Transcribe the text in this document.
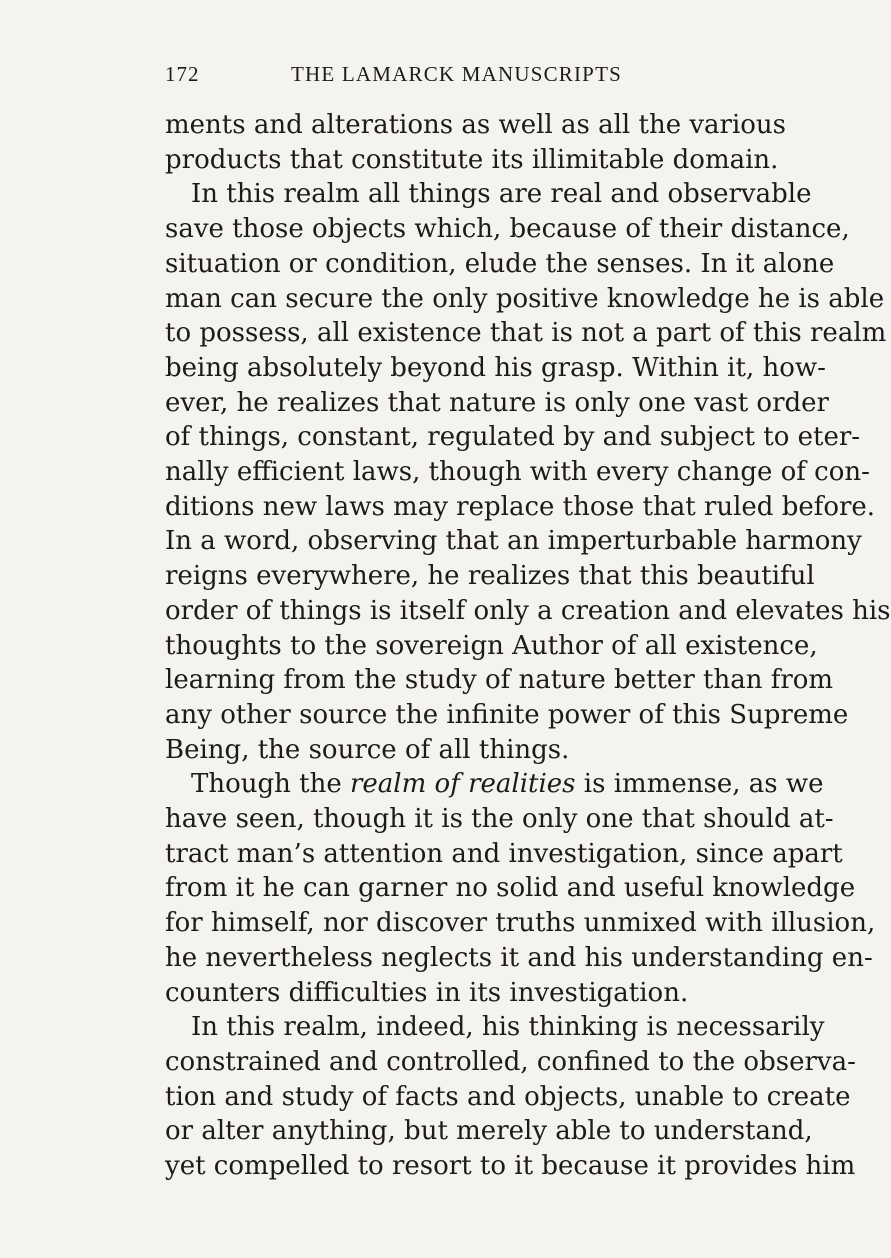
172	THE LAMARCK MANUSCRIPTS
ments and alterations as well as all the various
products that constitute its illimitable domain.
In this realm all things are real and observable
save those objects which, because of their distance,
situation or condition, elude the senses. In it alone
man can secure the only positive knowledge he is able
to possess, all existence that is not a part of this realm
being absolutely beyond his grasp. Within it, how-
ever, he realizes that nature is only one vast order
of things, constant, regulated by and subject to eter-
nally efficient laws, though with every change of con-
ditions new laws may replace those that ruled before.
In a word, observing that an imperturbable harmony
reigns everywhere, he realizes that this beautiful
order of things is itself only a creation and elevates his
thoughts to the sovereign Author of all existence,
learning from the study of nature better than from
any other source the infinite power of this Supreme
Being, the source of all things.
Though the realm of realities is immense, as we
have seen, though it is the only one that should at-
tract man’s attention and investigation, since apart
from it he can garner no solid and useful knowledge
for himself, nor discover truths unmixed with illusion,
he nevertheless neglects it and his understanding en-
counters difficulties in its investigation.
In this realm, indeed, his thinking is necessarily
constrained and controlled, confined to the observa-
tion and study of facts and objects, unable to create
or alter anything, but merely able to understand,
yet compelled to resort to it because it provides him
